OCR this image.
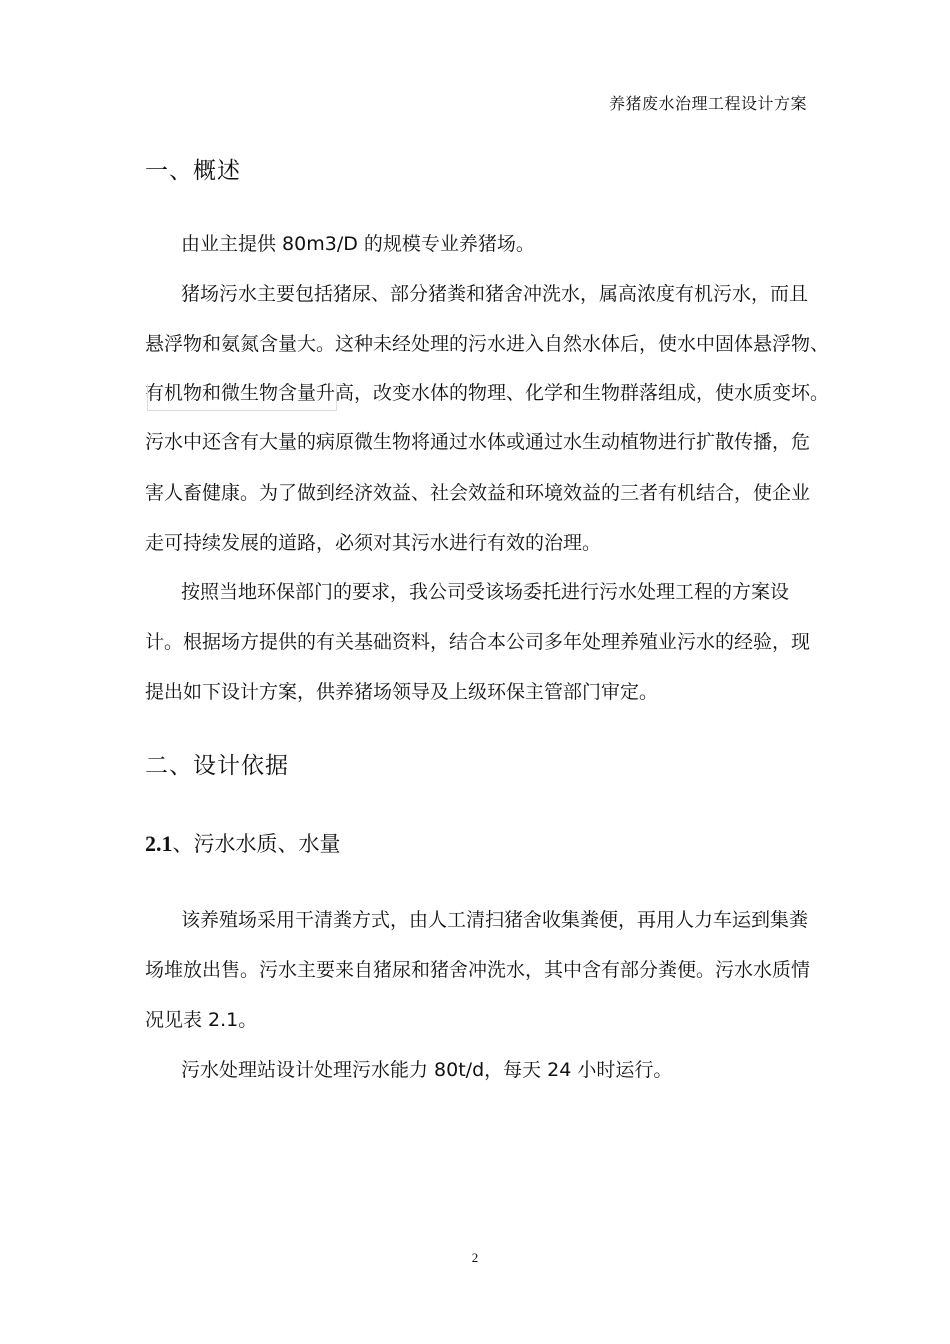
养猪废水治理工程设计方案
一、概述
由业主提供 80m3/D 的规模专业养猪场。
猪场污水主要包括猪尿、部分猪粪和猪舍冲洗水，属高浓度有机污水，而且
悬浮物和氨氮含量大。这种未经处理的污水进入自然水体后，使水中固体悬浮物、
有机物和微生物含量升高，改变水体的物理、化学和生物群落组成，使水质变坏。
污水中还含有大量的病原微生物将通过水体或通过水生动植物进行扩散传播，危
害人畜健康。为了做到经济效益、社会效益和环境效益的三者有机结合，使企业
走可持续发展的道路，必须对其污水进行有效的治理。
按照当地环保部门的要求，我公司受该场委托进行污水处理工程的方案设
计。根据场方提供的有关基础资料，结合本公司多年处理养殖业污水的经验，现
提出如下设计方案，供养猪场领导及上级环保主管部门审定。
二、设计依据
2.1、污水水质、水量
该养殖场采用干清粪方式，由人工清扫猪舍收集粪便，再用人力车运到集粪
场堆放出售。污水主要来自猪尿和猪舍冲洗水，其中含有部分粪便。污水水质情
况见表 2.1。
污水处理站设计处理污水能力 80t/d，每天 24 小时运行。
2
